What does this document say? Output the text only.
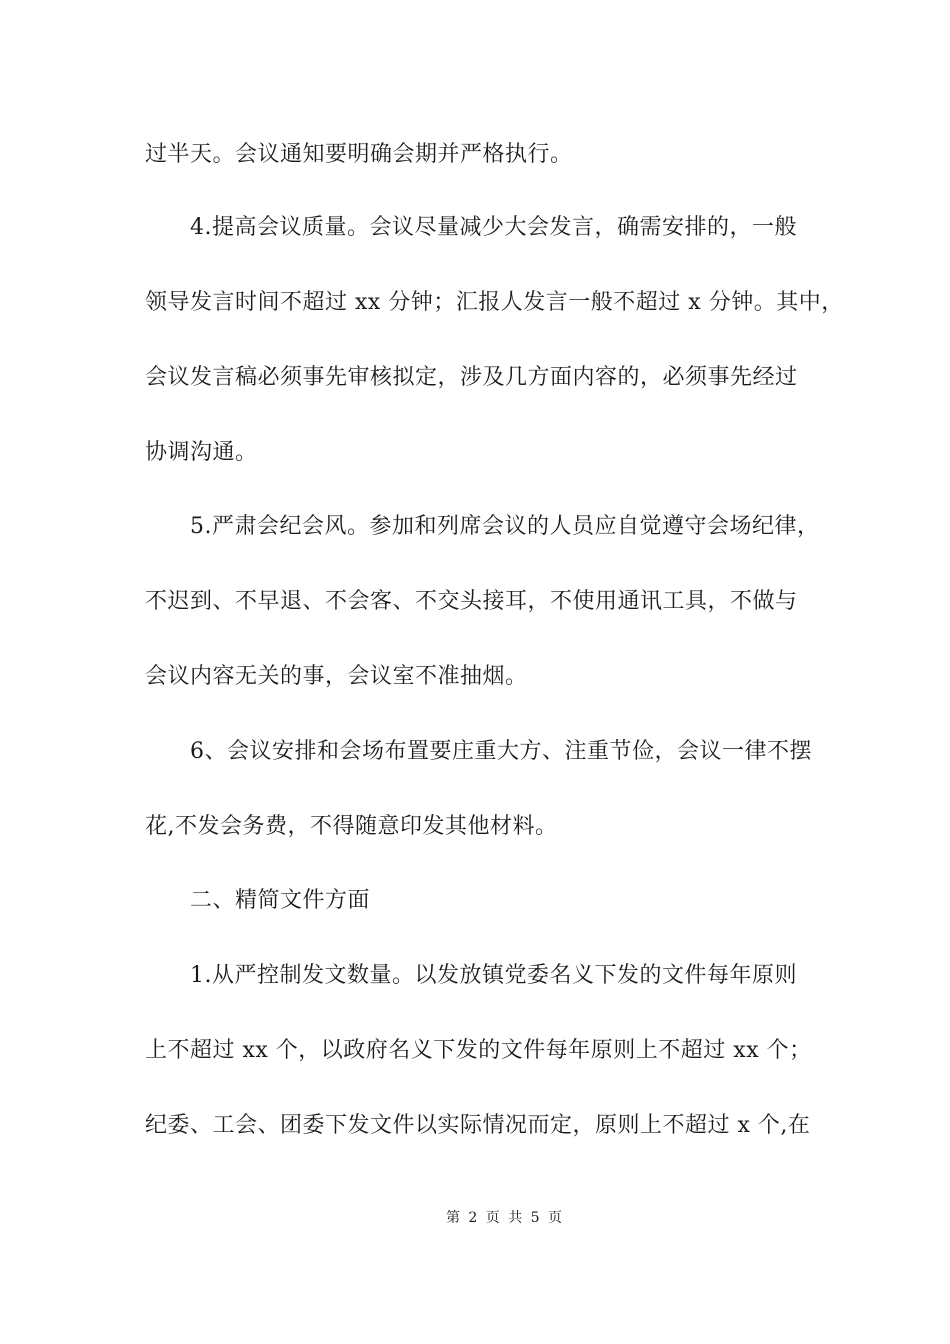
过半天。会议通知要明确会期并严格执行。
4.提高会议质量。会议尽量减少大会发言，确需安排的，一般
领导发言时间不超过 xx 分钟；汇报人发言一般不超过 x 分钟。其中，
会议发言稿必须事先审核拟定，涉及几方面内容的，必须事先经过
协调沟通。
5.严肃会纪会风。参加和列席会议的人员应自觉遵守会场纪律，
不迟到、不早退、不会客、不交头接耳，不使用通讯工具，不做与
会议内容无关的事，会议室不准抽烟。
6、会议安排和会场布置要庄重大方、注重节俭，会议一律不摆
花,不发会务费，不得随意印发其他材料。
二、精简文件方面
1.从严控制发文数量。以发放镇党委名义下发的文件每年原则
上不超过 xx 个，以政府名义下发的文件每年原则上不超过 xx 个；
纪委、工会、团委下发文件以实际情况而定，原则上不超过 x 个,在
第 2 页 共 5 页
